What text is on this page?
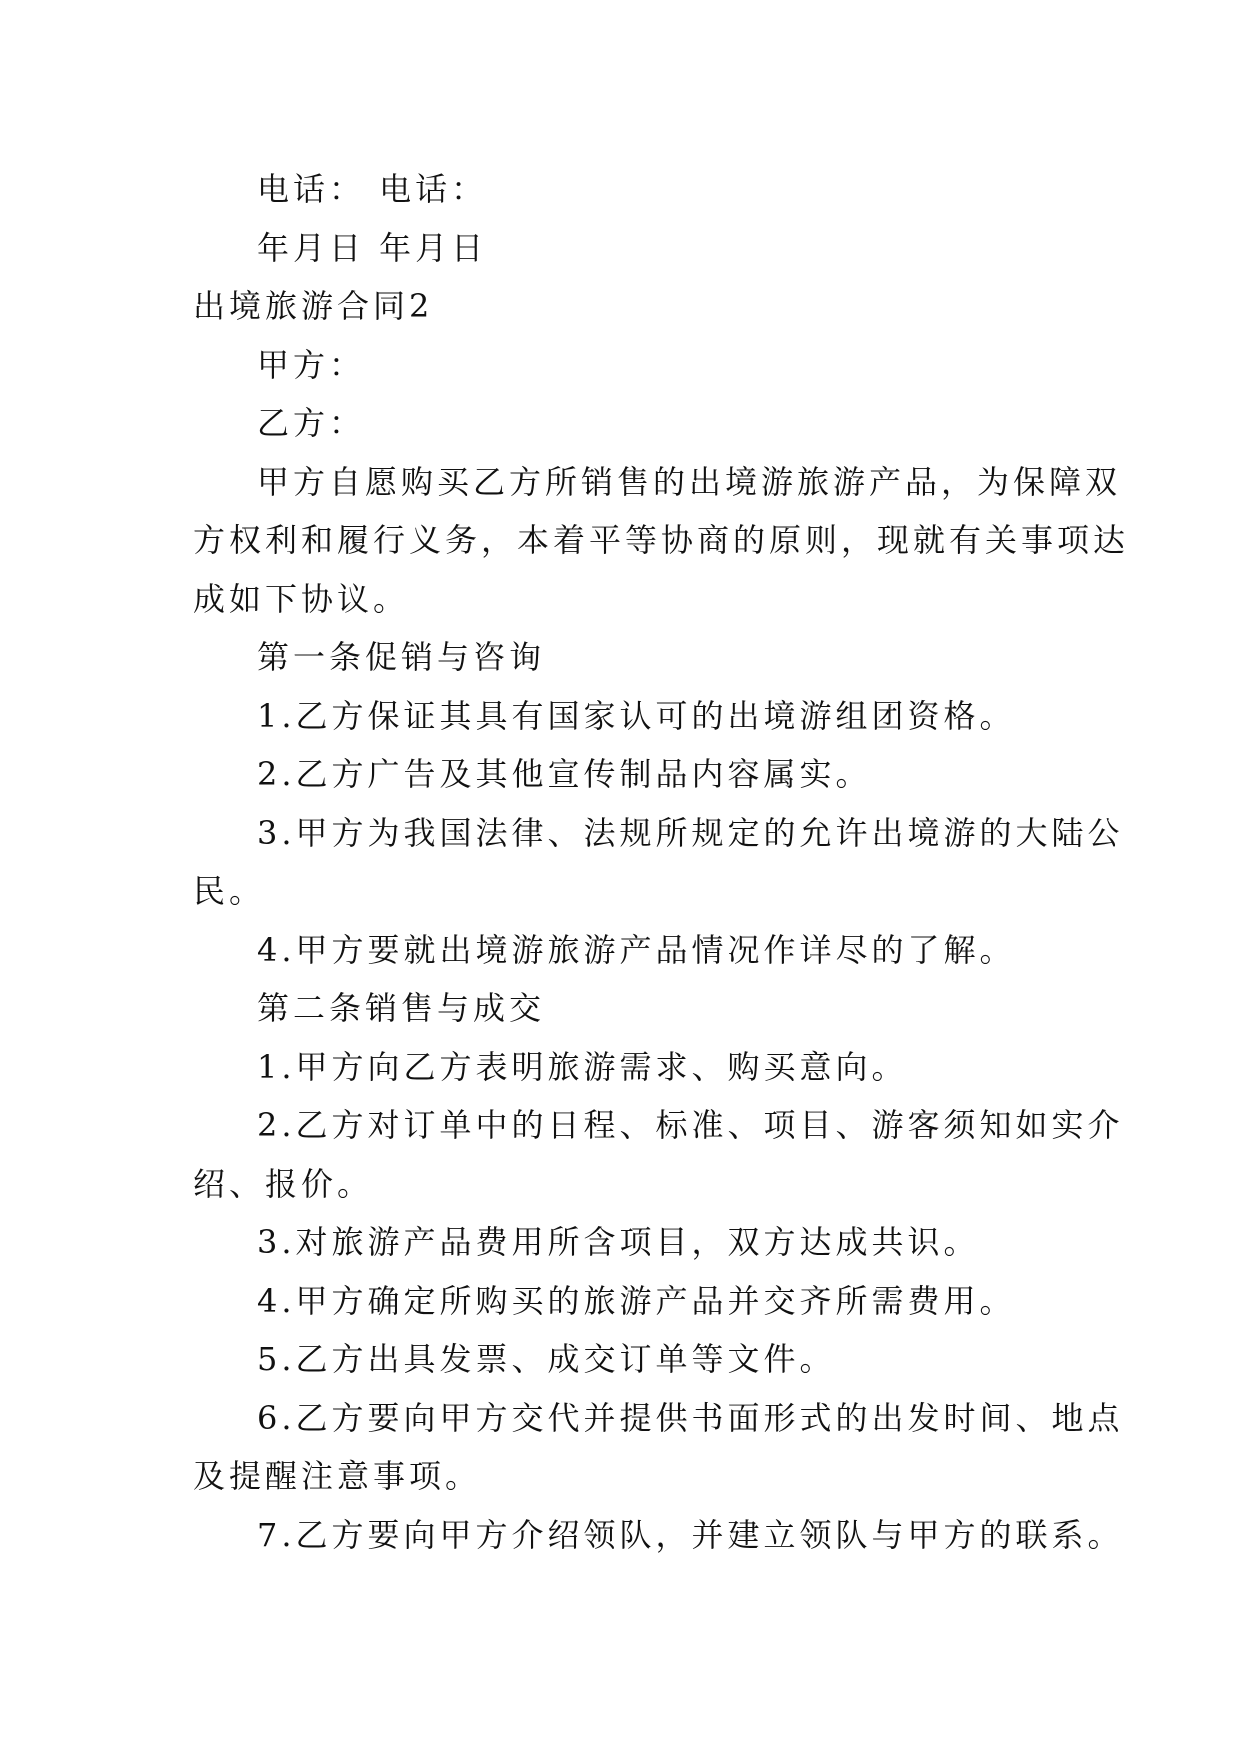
电话： 电话：
年月日 年月日
出境旅游合同2
甲方：
乙方：
甲方自愿购买乙方所销售的出境游旅游产品，为保障双
方权利和履行义务，本着平等协商的原则，现就有关事项达
成如下协议。
第一条促销与咨询
1.乙方保证其具有国家认可的出境游组团资格。
2.乙方广告及其他宣传制品内容属实。
3.甲方为我国法律、法规所规定的允许出境游的大陆公
民。
4.甲方要就出境游旅游产品情况作详尽的了解。
第二条销售与成交
1.甲方向乙方表明旅游需求、购买意向。
2.乙方对订单中的日程、标准、项目、游客须知如实介
绍、报价。
3.对旅游产品费用所含项目，双方达成共识。
4.甲方确定所购买的旅游产品并交齐所需费用。
5.乙方出具发票、成交订单等文件。
6.乙方要向甲方交代并提供书面形式的出发时间、地点
及提醒注意事项。
7.乙方要向甲方介绍领队，并建立领队与甲方的联系。
